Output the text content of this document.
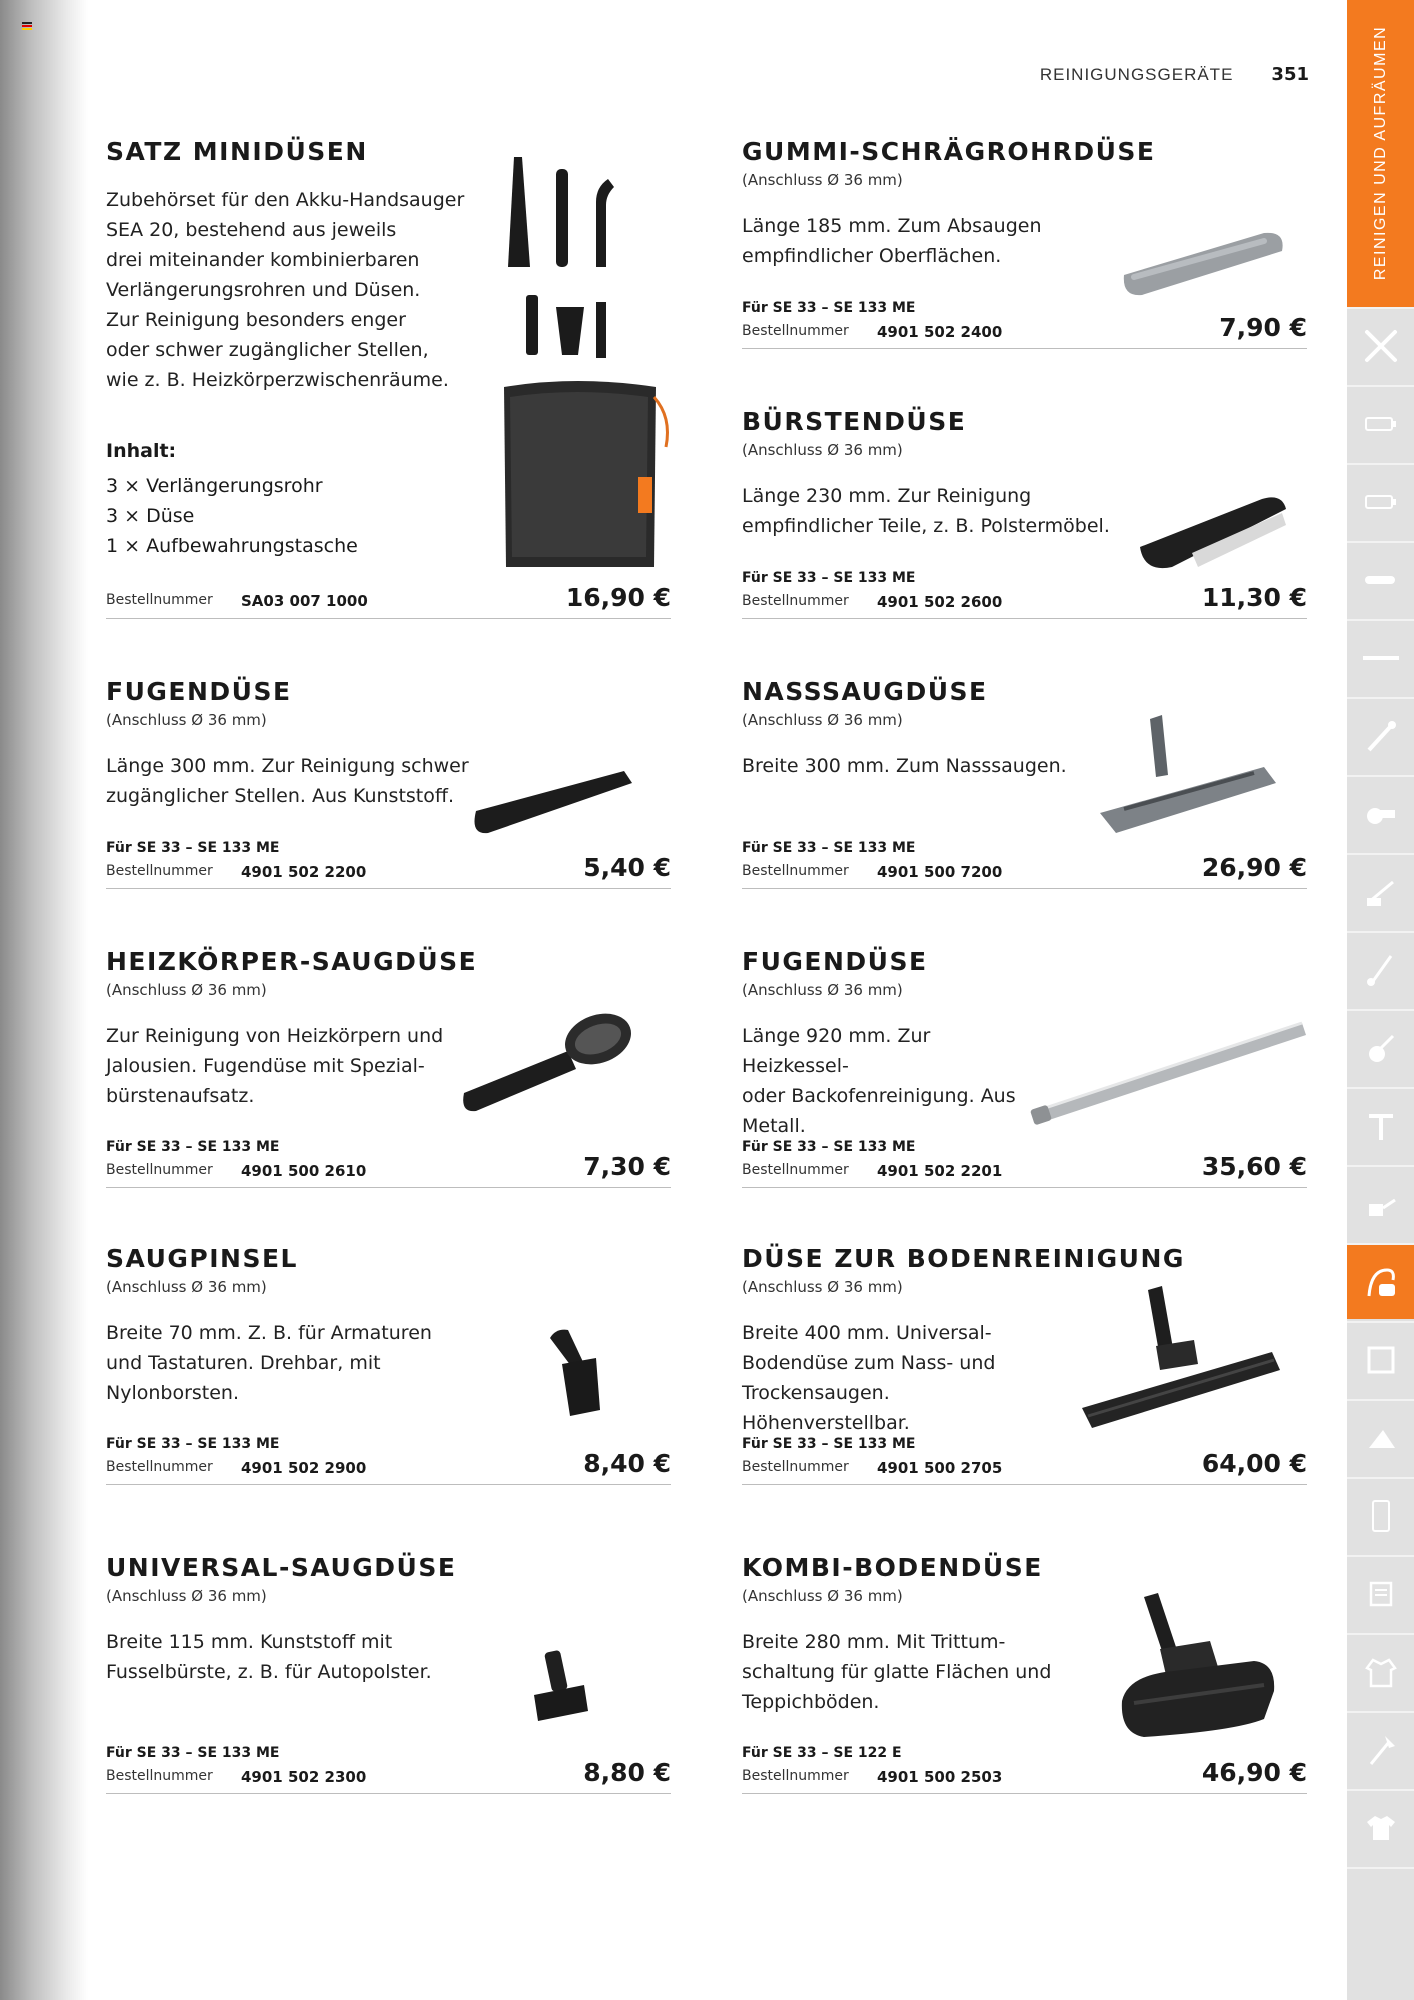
REINIGUNGSGERÄTE 351	REINIGEN UND AUFRÄUMEN
SATZ MINIDÜSEN
Zubehörset für den Akku-Handsauger
SEA 20, bestehend aus jeweils
drei miteinander kombinierbaren
Verlängerungsrohren und Düsen.
Zur Reinigung besonders enger
oder schwer zugänglicher Stellen,
wie z. B. Heizkörperzwischenräume.
Inhalt:
3 × Verlängerungsrohr
3 × Düse
1 × Aufbewahrungstasche
Bestellnummer SA03 007 1000	16,90 €
GUMMI-SCHRÄGROHRDÜSE
(Anschluss Ø 36 mm)
Länge 185 mm. Zum Absaugen
empfindlicher Oberflächen.
Für SE 33 – SE 133 ME
Bestellnummer 4901 502 2400	7,90 €
BÜRSTENDÜSE
(Anschluss Ø 36 mm)
Länge 230 mm. Zur Reinigung
empfindlicher Teile, z. B. Polstermöbel.
Für SE 33 – SE 133 ME
Bestellnummer 4901 502 2600	11,30 €
FUGENDÜSE
(Anschluss Ø 36 mm)
Länge 300 mm. Zur Reinigung schwer
zugänglicher Stellen. Aus Kunststoff.
Für SE 33 – SE 133 ME
Bestellnummer 4901 502 2200	5,40 €
NASSSAUGDÜSE
(Anschluss Ø 36 mm)
Breite 300 mm. Zum Nasssaugen.
Für SE 33 – SE 133 ME
Bestellnummer 4901 500 7200	26,90 €
HEIZKÖRPER-SAUGDÜSE
(Anschluss Ø 36 mm)
Zur Reinigung von Heizkörpern und
Jalousien. Fugendüse mit Spezial-
bürstenaufsatz.
Für SE 33 – SE 133 ME
Bestellnummer 4901 500 2610	7,30 €
FUGENDÜSE
(Anschluss Ø 36 mm)
Länge 920 mm. Zur Heizkessel-
oder Backofenreinigung. Aus
Metall.
Für SE 33 – SE 133 ME
Bestellnummer 4901 502 2201	35,60 €
SAUGPINSEL
(Anschluss Ø 36 mm)
Breite 70 mm. Z. B. für Armaturen
und Tastaturen. Drehbar, mit
Nylonborsten.
Für SE 33 – SE 133 ME
Bestellnummer 4901 502 2900	8,40 €
DÜSE ZUR BODENREINIGUNG
(Anschluss Ø 36 mm)
Breite 400 mm. Universal-
Bodendüse zum Nass- und
Trockensaugen. Höhenverstellbar.
Für SE 33 – SE 133 ME
Bestellnummer 4901 500 2705	64,00 €
UNIVERSAL-SAUGDÜSE
(Anschluss Ø 36 mm)
Breite 115 mm. Kunststoff mit
Fusselbürste, z. B. für Autopolster.
Für SE 33 – SE 133 ME
Bestellnummer 4901 502 2300	8,80 €
KOMBI-BODENDÜSE
(Anschluss Ø 36 mm)
Breite 280 mm. Mit Trittum-
schaltung für glatte Flächen und
Teppichböden.
Für SE 33 – SE 122 E
Bestellnummer 4901 500 2503	46,90 €
